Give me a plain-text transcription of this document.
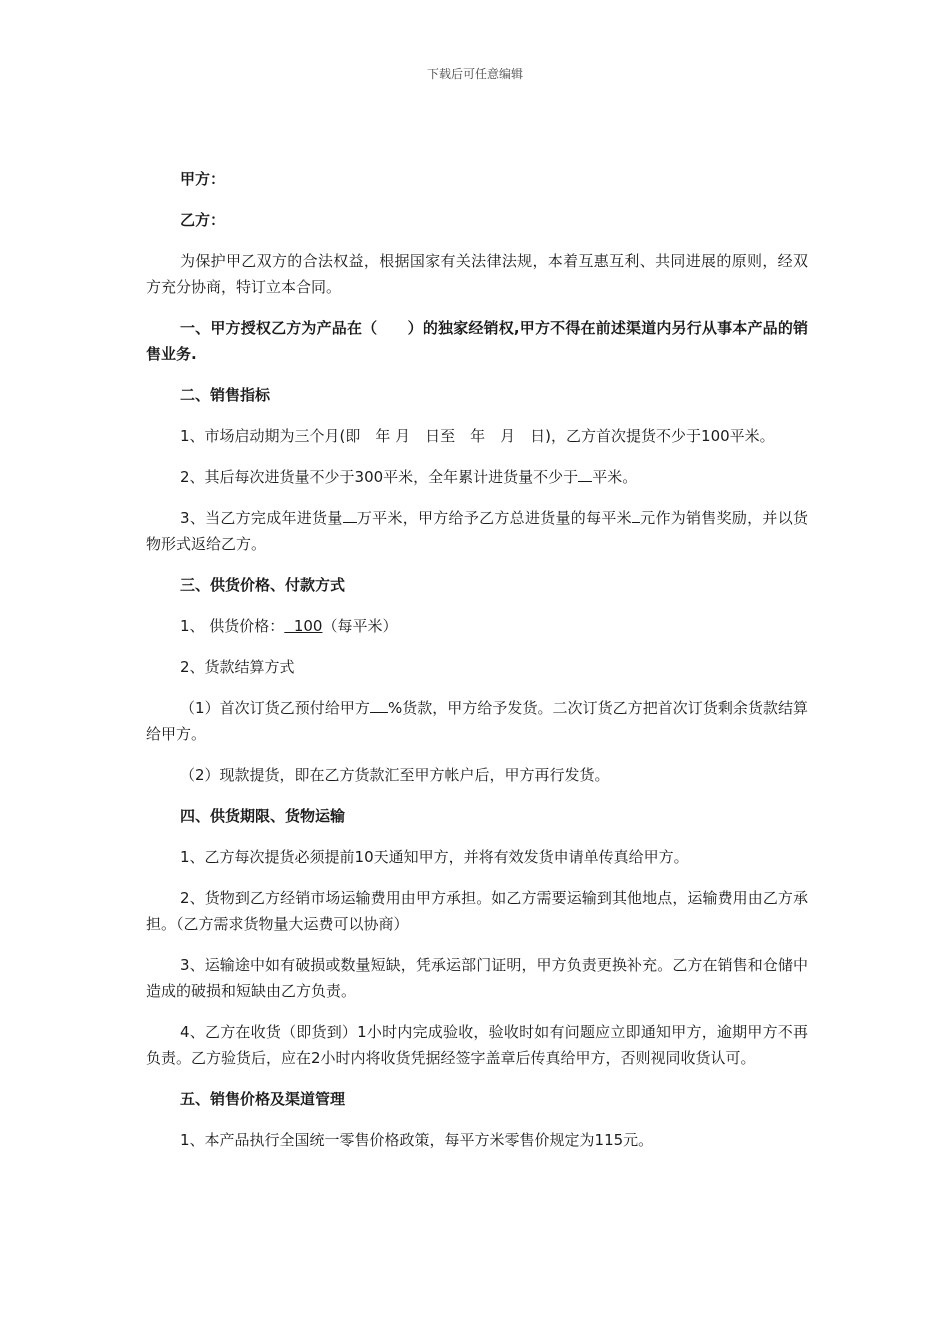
下载后可任意编辑

甲方：

乙方：

为保护甲乙双方的合法权益，根据国家有关法律法规，本着互惠互利、共同进展的原则，经双方充分协商，特订立本合同。

一、甲方授权乙方为产品在（　　）的独家经销权,甲方不得在前述渠道内另行从事本产品的销售业务.

二、销售指标

1、市场启动期为三个月(即　年 月　日至　年　月　日)，乙方首次提货不少于100平米。

2、其后每次进货量不少于300平米，全年累计进货量不少于 平米。

3、当乙方完成年进货量 万平米，甲方给予乙方总进货量的每平米 元作为销售奖励，并以货物形式返给乙方。

三、供货价格、付款方式

1、 供货价格：  100（每平米）

2、货款结算方式

（1）首次订货乙预付给甲方 %货款，甲方给予发货。二次订货乙方把首次订货剩余货款结算给甲方。

（2）现款提货，即在乙方货款汇至甲方帐户后，甲方再行发货。

四、供货期限、货物运输

1、乙方每次提货必须提前10天通知甲方，并将有效发货申请单传真给甲方。

2、货物到乙方经销市场运输费用由甲方承担。如乙方需要运输到其他地点，运输费用由乙方承担。（乙方需求货物量大运费可以协商）

3、运输途中如有破损或数量短缺，凭承运部门证明，甲方负责更换补充。乙方在销售和仓储中造成的破损和短缺由乙方负责。

4、乙方在收货（即货到）1小时内完成验收，验收时如有问题应立即通知甲方，逾期甲方不再负责。乙方验货后，应在2小时内将收货凭据经签字盖章后传真给甲方，否则视同收货认可。

五、销售价格及渠道管理

1、本产品执行全国统一零售价格政策，每平方米零售价规定为115元。
